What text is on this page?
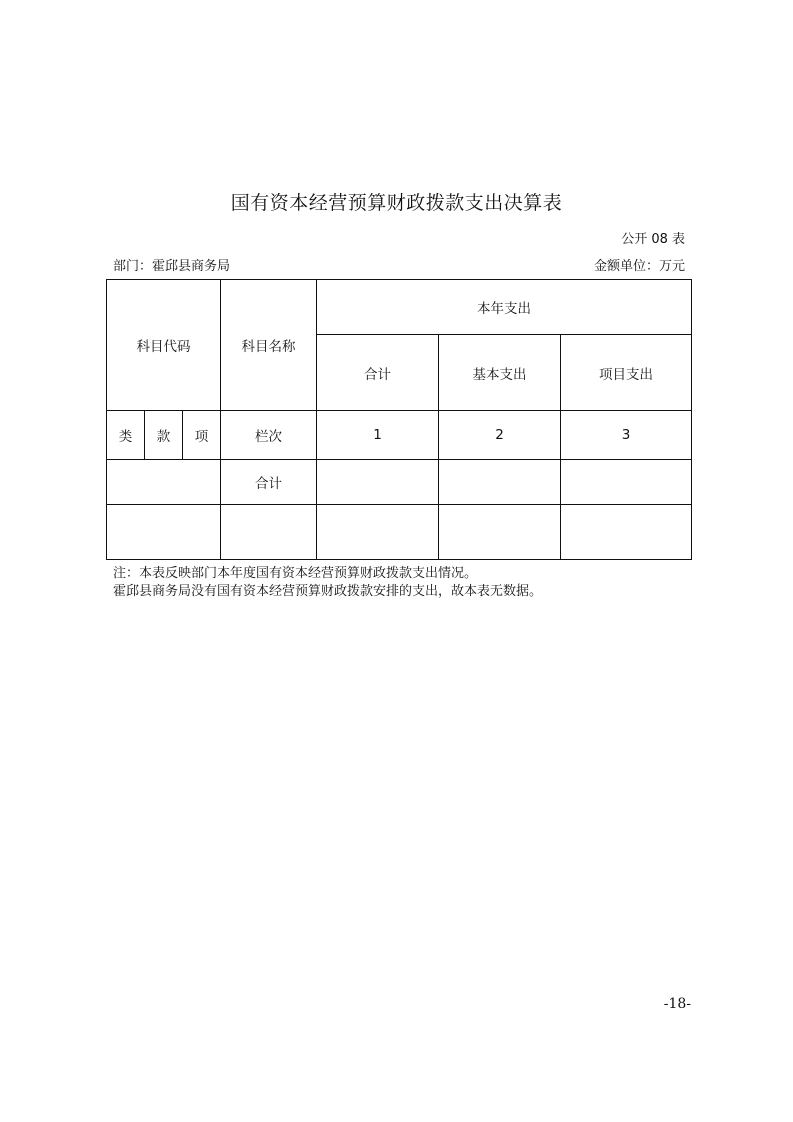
国有资本经营预算财政拨款支出决算表
公开 08 表
部门：霍邱县商务局	金额单位：万元
科目代码			科目名称	本年支出		
				合计	基本支出	项目支出
类	款	项	栏次	1	2	3
			合计			

注：本表反映部门本年度国有资本经营预算财政拨款支出情况。
霍邱县商务局没有国有资本经营预算财政拨款安排的支出，故本表无数据。
-18-
